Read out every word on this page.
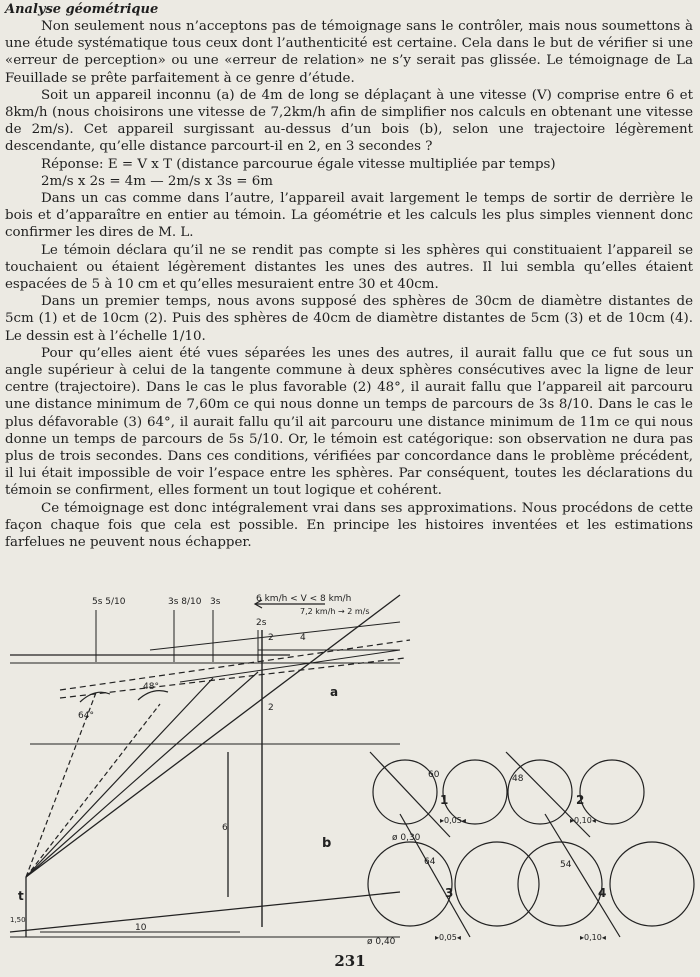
Analyse géométrique

Non seulement nous n’acceptons pas de témoignage sans le contrôler, mais nous soumettons à une étude systématique tous ceux dont l’authenticité est certaine. Cela dans le but de vérifier si une «erreur de perception» ou une «erreur de relation» ne s’y serait pas glissée. Le témoignage de La Feuillade se prête parfaitement à ce genre d’étude.

Soit un appareil inconnu (a) de 4m de long se déplaçant à une vitesse (V) comprise entre 6 et 8km/h (nous choisirons une vitesse de 7,2km/h afin de simplifier nos calculs en obtenant une vitesse de 2m/s). Cet appareil surgissant au-dessus d’un bois (b), selon une trajectoire légèrement descendante, qu’elle distance parcourt-il en 2, en 3 secondes ?

Réponse: E = V x T (distance parcourue égale vitesse multipliée par temps)

2m/s x 2s = 4m — 2m/s x 3s = 6m

Dans un cas comme dans l’autre, l’appareil avait largement le temps de sortir de derrière le bois et d’apparaître en entier au témoin. La géométrie et les calculs les plus simples viennent donc confirmer les dires de M. L.

Le témoin déclara qu’il ne se rendit pas compte si les sphères qui constituaient l’appareil se touchaient ou étaient légèrement distantes les unes des autres. Il lui sembla qu’elles étaient espacées de 5 à 10 cm et qu’elles mesuraient entre 30 et 40cm.

Dans un premier temps, nous avons supposé des sphères de 30cm de diamètre distantes de 5cm (1) et de 10cm (2). Puis des sphères de 40cm de diamètre distantes de 5cm (3) et de 10cm (4). Le dessin est à l’échelle 1/10.

Pour qu’elles aient été vues séparées les unes des autres, il aurait fallu que ce fut sous un angle supérieur à celui de la tangente commune à deux sphères consécutives avec la ligne de leur centre (trajectoire). Dans le cas le plus favorable (2) 48°, il aurait fallu que l’appareil ait parcouru une distance minimum de 7,60m ce qui nous donne un temps de parcours de 3s 8/10. Dans le cas le plus défavorable (3) 64°, il aurait fallu qu’il ait parcouru une distance minimum de 11m ce qui nous donne un temps de parcours de 5s 5/10. Or, le témoin est catégorique: son observation ne dura pas plus de trois secondes. Dans ces conditions, vérifiées par concordance dans le problème précédent, il lui était impossible de voir l’espace entre les sphères. Par conséquent, toutes les déclarations du témoin se confirment, elles forment un tout logique et cohérent.

Ce témoignage est donc intégralement vrai dans ses approximations. Nous procédons de cette façon chaque fois que cela est possible. En principe les histoires inventées et les estimations farfelues ne peuvent nous échapper.

5s 5/10	3s 8/10 3s
2s
6 km/h < V < 8 km/h
7,2 km/h → 2 m/s
64°
48°
4
2
2
6
a
b
t
1,50
10
60	48
64	54
1	2
3	4
ø 0,30
ø 0,40
▸0,05◂	▸0,10◂
▸0,05◂	▸0,10◂
231
